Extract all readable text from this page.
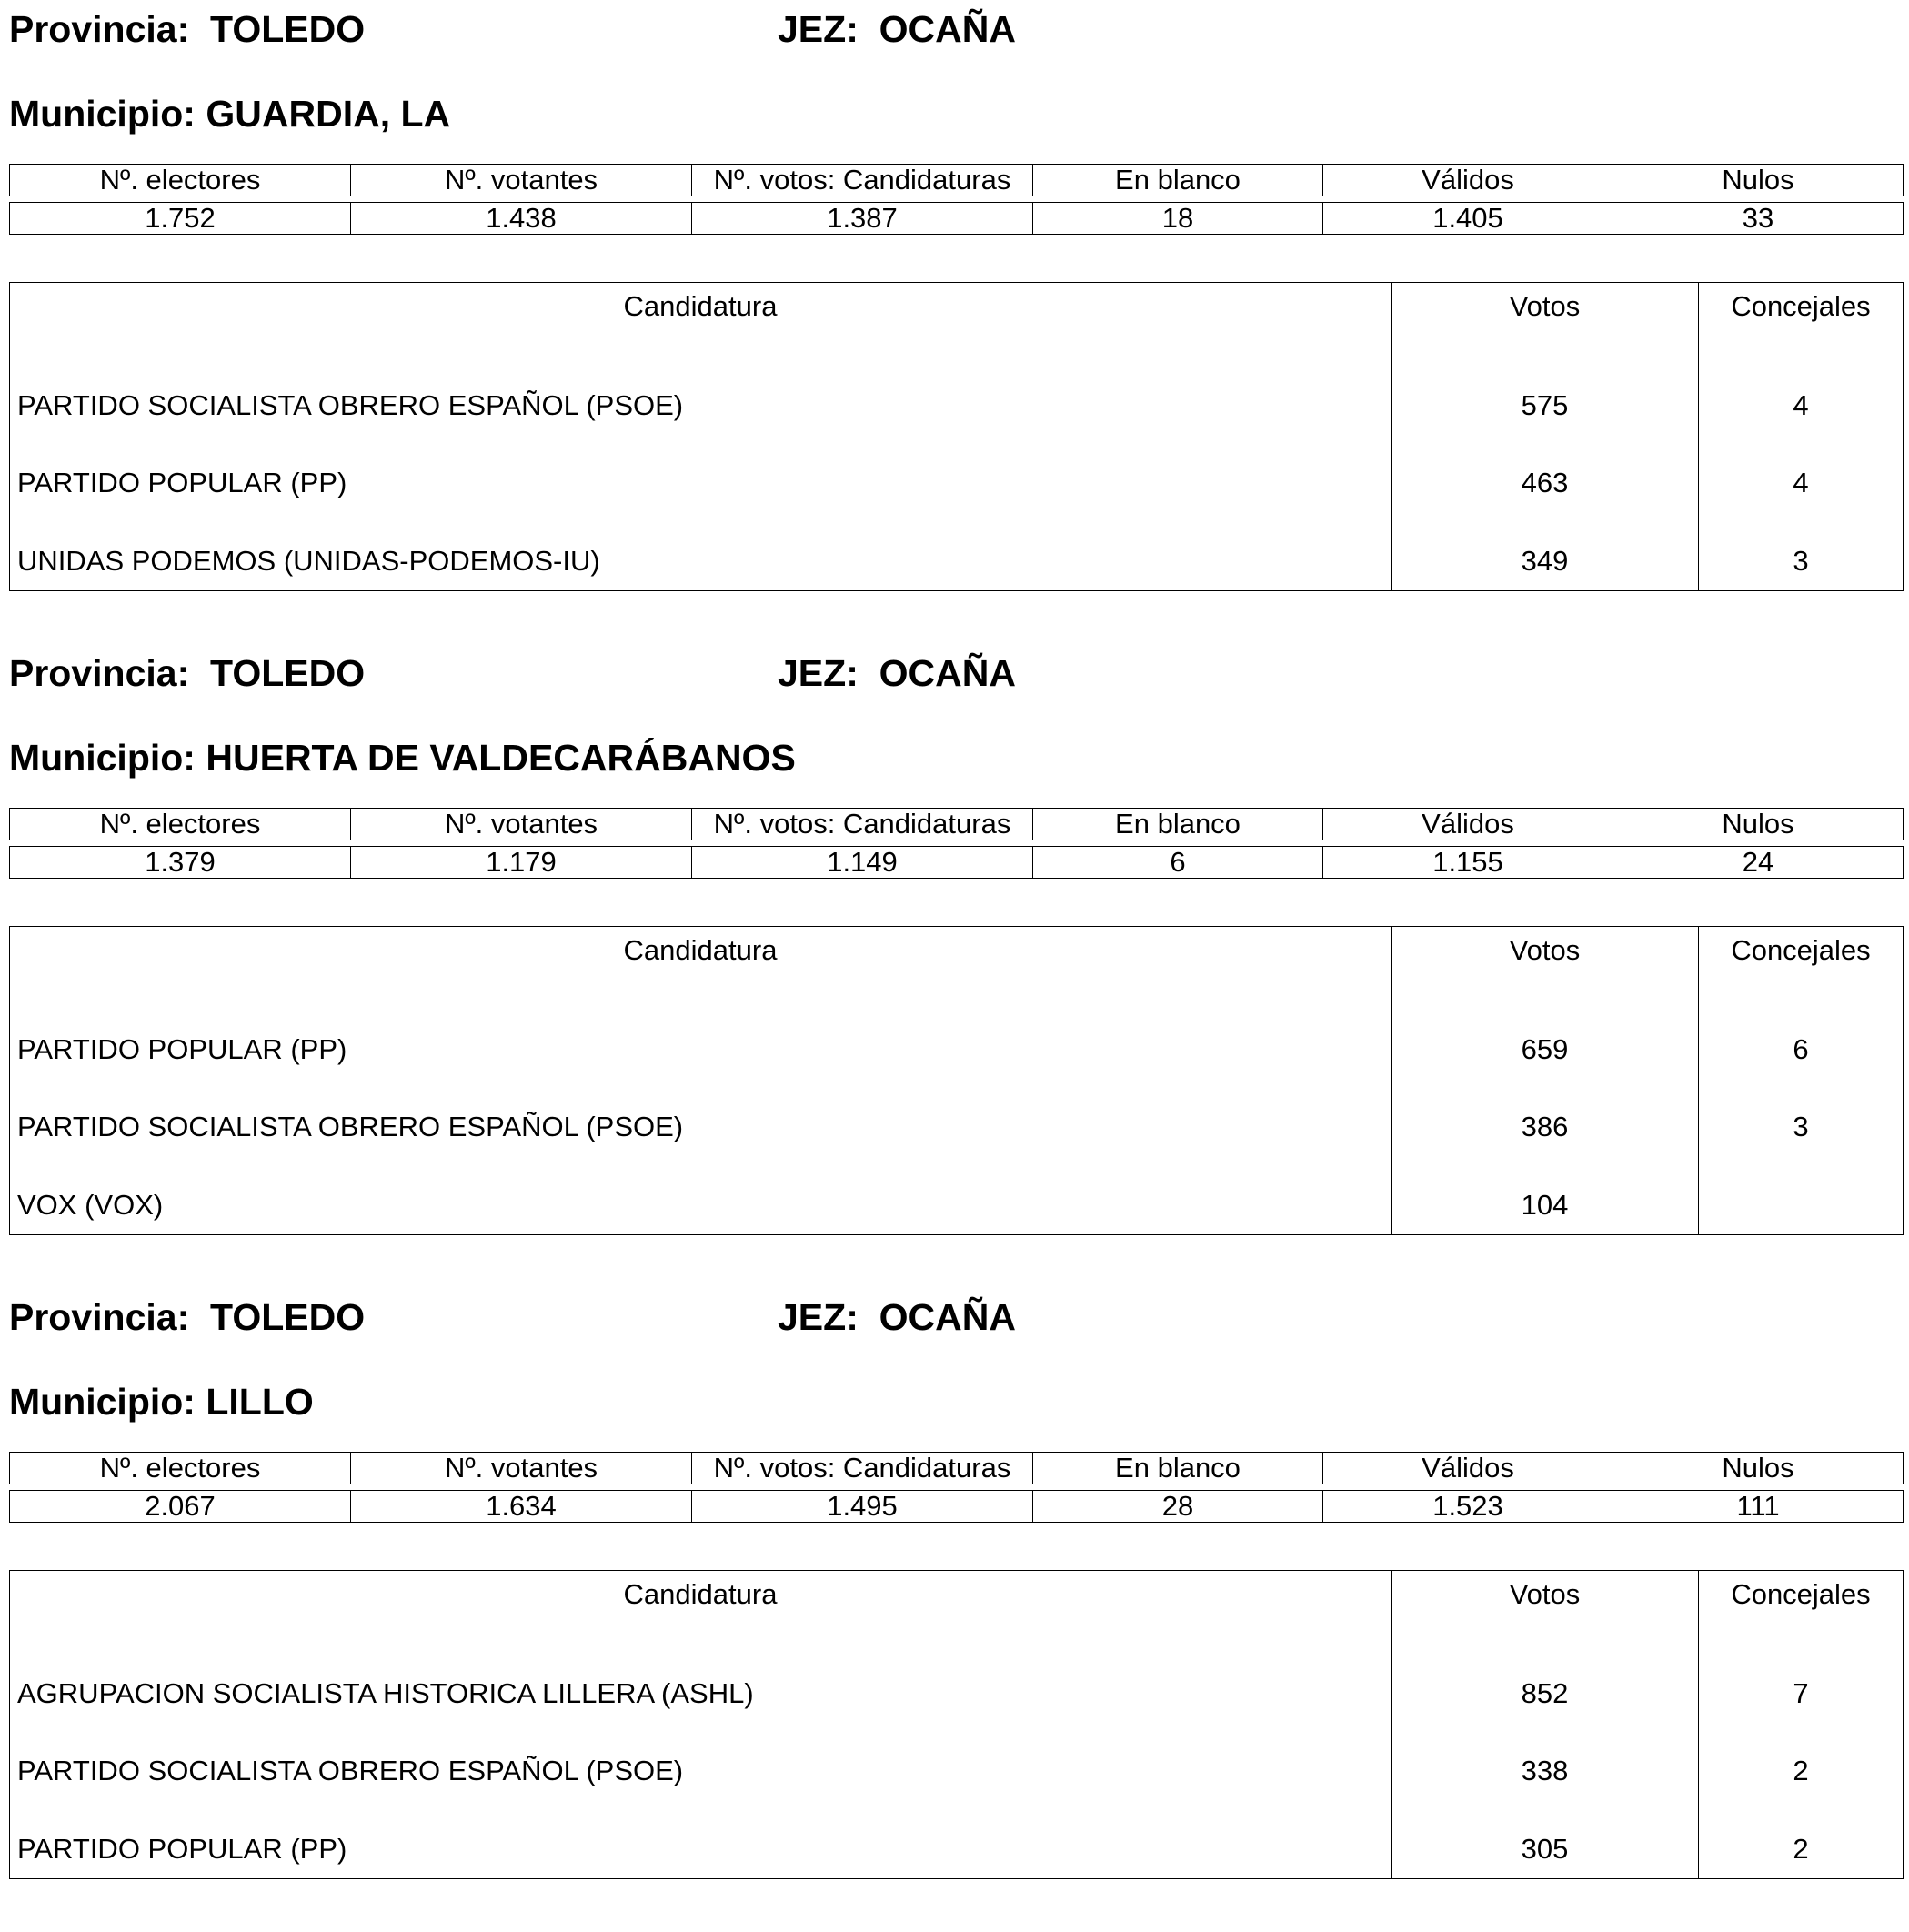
Provincia: TOLEDO	JEZ: OCAÑA
Municipio: GUARDIA, LA
Nº. electores	Nº. votantes	Nº. votos: Candidaturas	En blanco	Válidos	Nulos
1.752	1.438	1.387	18	1.405	33
Candidatura	Votos	Concejales
PARTIDO SOCIALISTA OBRERO ESPAÑOL (PSOE)	575	4
PARTIDO POPULAR (PP)	463	4
UNIDAS PODEMOS (UNIDAS-PODEMOS-IU)	349	3
Provincia: TOLEDO	JEZ: OCAÑA
Municipio: HUERTA DE VALDECARÁBANOS
Nº. electores	Nº. votantes	Nº. votos: Candidaturas	En blanco	Válidos	Nulos
1.379	1.179	1.149	6	1.155	24
Candidatura	Votos	Concejales
PARTIDO POPULAR (PP)	659	6
PARTIDO SOCIALISTA OBRERO ESPAÑOL (PSOE)	386	3
VOX (VOX)	104
Provincia: TOLEDO	JEZ: OCAÑA
Municipio: LILLO
Nº. electores	Nº. votantes	Nº. votos: Candidaturas	En blanco	Válidos	Nulos
2.067	1.634	1.495	28	1.523	111
Candidatura	Votos	Concejales
AGRUPACION SOCIALISTA HISTORICA LILLERA (ASHL)	852	7
PARTIDO SOCIALISTA OBRERO ESPAÑOL (PSOE)	338	2
PARTIDO POPULAR (PP)	305	2
